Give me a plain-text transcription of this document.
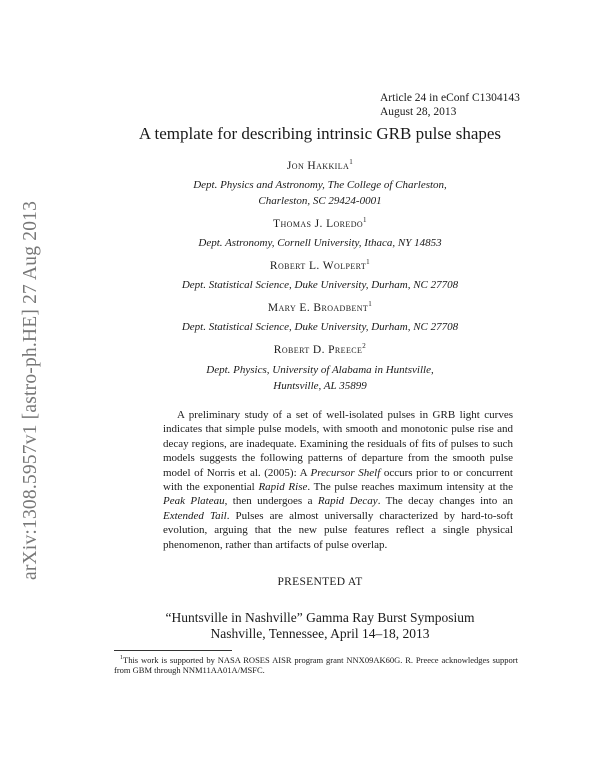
arXiv:1308.5957v1 [astro-ph.HE] 27 Aug 2013
Article 24 in eConf C1304143
August 28, 2013
A template for describing intrinsic GRB pulse shapes
Jon Hakkila$^1$
Dept. Physics and Astronomy, The College of Charleston,
Charleston, SC 29424-0001
Thomas J. Loredo$^1$
Dept. Astronomy, Cornell University, Ithaca, NY 14853
Robert L. Wolpert$^1$
Dept. Statistical Science, Duke University, Durham, NC 27708
Mary E. Broadbent$^1$
Dept. Statistical Science, Duke University, Durham, NC 27708
Robert D. Preece$^2$
Dept. Physics, University of Alabama in Huntsville,
Huntsville, AL 35899
A preliminary study of a set of well-isolated pulses in GRB light curves indicates that simple pulse models, with smooth and monotonic pulse rise and decay regions, are inadequate. Examining the residuals of fits of pulses to such models suggests the following patterns of departure from the smooth pulse model of Norris et al. (2005): A Precursor Shelf occurs prior to or concurrent with the exponential Rapid Rise. The pulse reaches maximum intensity at the Peak Plateau, then undergoes a Rapid Decay. The decay changes into an Extended Tail. Pulses are almost universally characterized by hard-to-soft evolution, arguing that the new pulse features reflect a single physical phenomenon, rather than artifacts of pulse overlap.
PRESENTED AT
“Huntsville in Nashville” Gamma Ray Burst Symposium
Nashville, Tennessee, April 14–18, 2013
$^1$This work is supported by NASA ROSES AISR program grant NNX09AK60G. R. Preece acknowledges support from GBM through NNM11AA01A/MSFC.
